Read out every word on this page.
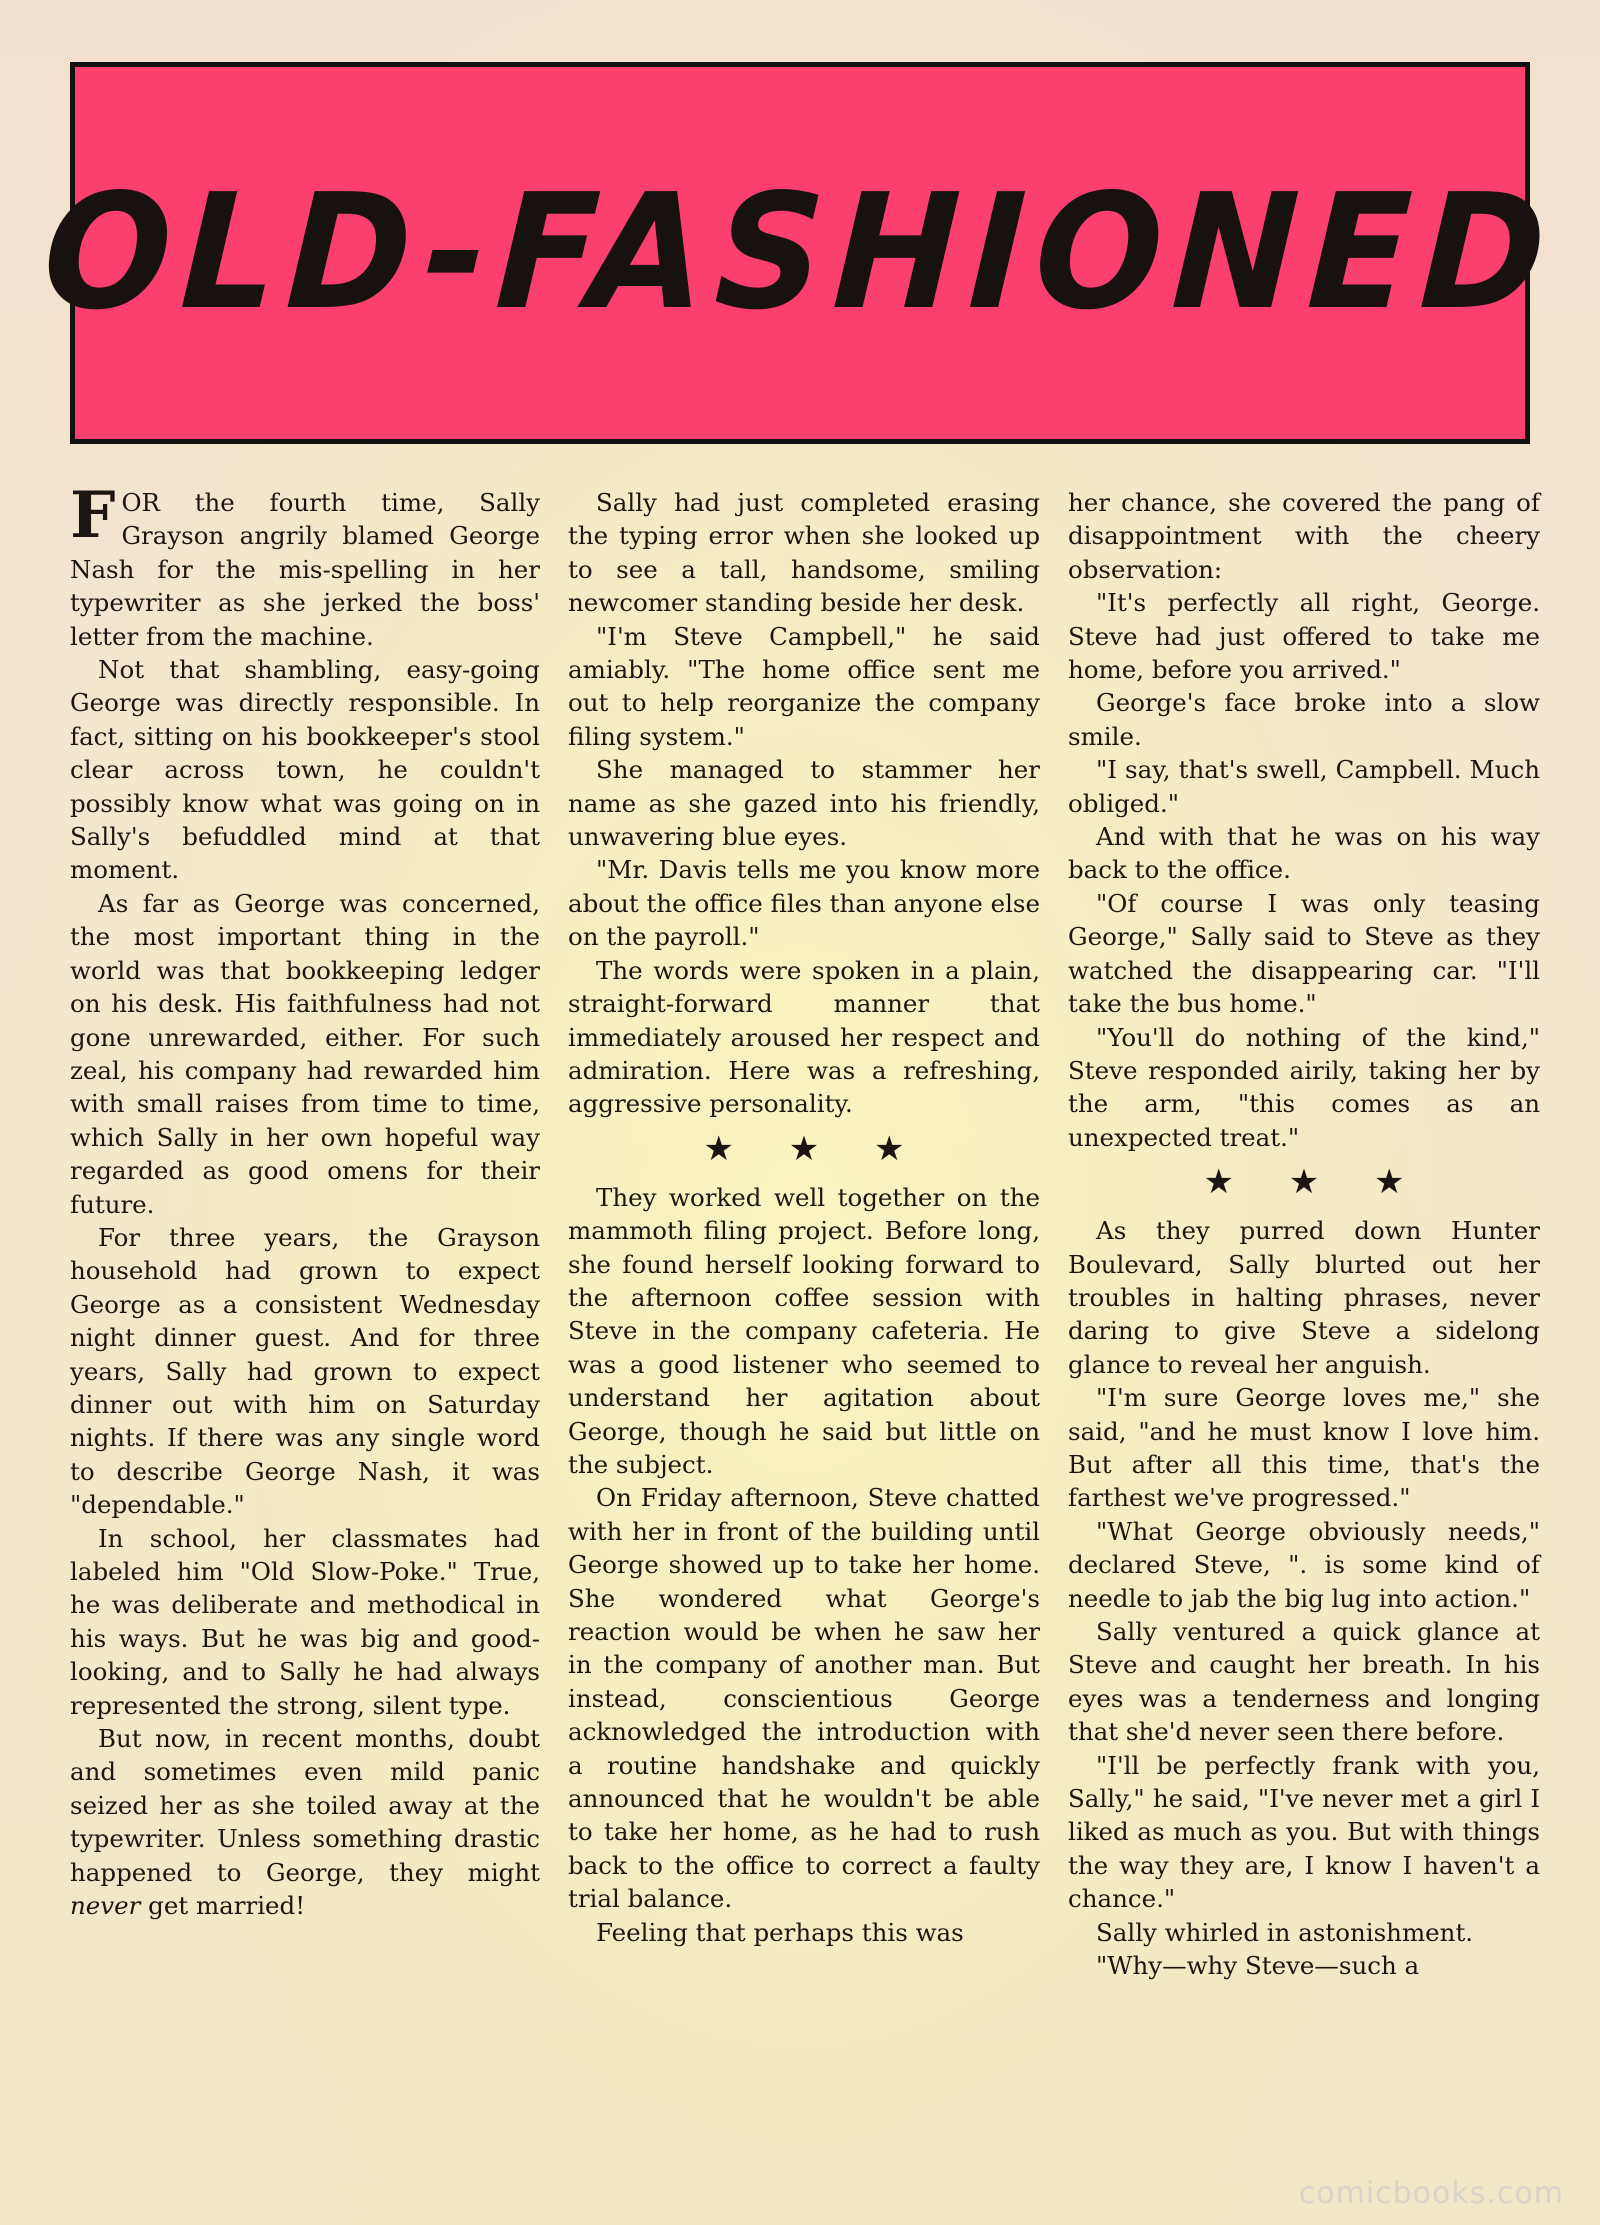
OLD-FASHIONED

FOR the fourth time, Sally Grayson angrily blamed George Nash for the mis-spelling in her typewriter as she jerked the boss' letter from the machine.

Not that shambling, easy-going George was directly responsible. In fact, sitting on his bookkeeper's stool clear across town, he couldn't possibly know what was going on in Sally's befuddled mind at that moment.

As far as George was concerned, the most important thing in the world was that bookkeeping ledger on his desk. His faithfulness had not gone unrewarded, either. For such zeal, his company had rewarded him with small raises from time to time, which Sally in her own hopeful way regarded as good omens for their future.

For three years, the Grayson household had grown to expect George as a consistent Wednesday night dinner guest. And for three years, Sally had grown to expect dinner out with him on Saturday nights. If there was any single word to describe George Nash, it was "dependable."

In school, her classmates had labeled him "Old Slow-Poke." True, he was deliberate and methodical in his ways. But he was big and good-looking, and to Sally he had always represented the strong, silent type.

But now, in recent months, doubt and sometimes even mild panic seized her as she toiled away at the typewriter. Unless something drastic happened to George, they might never get married!

Sally had just completed erasing the typing error when she looked up to see a tall, handsome, smiling newcomer standing beside her desk.

"I'm Steve Campbell," he said amiably. "The home office sent me out to help reorganize the company filing system."

She managed to stammer her name as she gazed into his friendly, unwavering blue eyes.

"Mr. Davis tells me you know more about the office files than anyone else on the payroll."

The words were spoken in a plain, straight-forward manner that immediately aroused her respect and admiration. Here was a refreshing, aggressive personality.

★ ★ ★

They worked well together on the mammoth filing project. Before long, she found herself looking forward to the afternoon coffee session with Steve in the company cafeteria. He was a good listener who seemed to understand her agitation about George, though he said but little on the subject.

On Friday afternoon, Steve chatted with her in front of the building until George showed up to take her home. She wondered what George's reaction would be when he saw her in the company of another man. But instead, conscientious George acknowledged the introduction with a routine handshake and quickly announced that he wouldn't be able to take her home, as he had to rush back to the office to correct a faulty trial balance.

Feeling that perhaps this was

her chance, she covered the pang of disappointment with the cheery observation:

"It's perfectly all right, George. Steve had just offered to take me home, before you arrived."

George's face broke into a slow smile.

"I say, that's swell, Campbell. Much obliged."

And with that he was on his way back to the office.

"Of course I was only teasing George," Sally said to Steve as they watched the disappearing car. "I'll take the bus home."

"You'll do nothing of the kind," Steve responded airily, taking her by the arm, "this comes as an unexpected treat."

★ ★ ★

As they purred down Hunter Boulevard, Sally blurted out her troubles in halting phrases, never daring to give Steve a sidelong glance to reveal her anguish.

"I'm sure George loves me," she said, "and he must know I love him. But after all this time, that's the farthest we've progressed."

"What George obviously needs," declared Steve, ". is some kind of needle to jab the big lug into action."

Sally ventured a quick glance at Steve and caught her breath. In his eyes was a tenderness and longing that she'd never seen there before.

"I'll be perfectly frank with you, Sally," he said, "I've never met a girl I liked as much as you. But with things the way they are, I know I haven't a chance."

Sally whirled in astonishment.

"Why—why Steve—such a

comicbooks.com
